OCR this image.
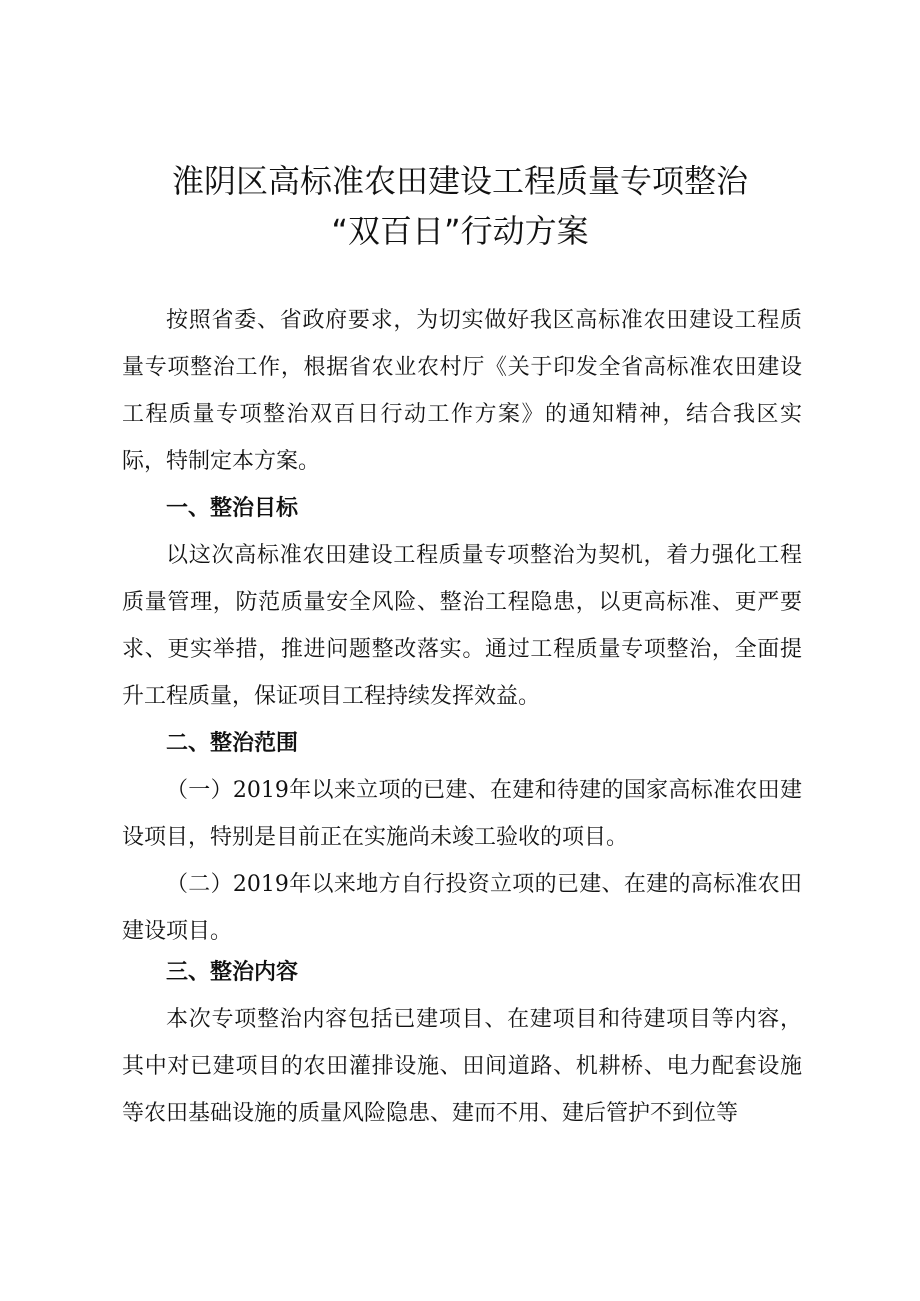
淮阴区高标准农田建设工程质量专项整治
“双百日”行动方案

按照省委、省政府要求，为切实做好我区高标准农田建设工程质量专项整治工作，根据省农业农村厅《关于印发全省高标准农田建设工程质量专项整治双百日行动工作方案》的通知精神，结合我区实际，特制定本方案。

一、整治目标

以这次高标准农田建设工程质量专项整治为契机，着力强化工程质量管理，防范质量安全风险、整治工程隐患，以更高标准、更严要求、更实举措，推进问题整改落实。通过工程质量专项整治，全面提升工程质量，保证项目工程持续发挥效益。

二、整治范围

（一）2019年以来立项的已建、在建和待建的国家高标准农田建设项目，特别是目前正在实施尚未竣工验收的项目。

（二）2019年以来地方自行投资立项的已建、在建的高标准农田建设项目。

三、整治内容

本次专项整治内容包括已建项目、在建项目和待建项目等内容，其中对已建项目的农田灌排设施、田间道路、机耕桥、电力配套设施等农田基础设施的质量风险隐患、建而不用、建后管护不到位等
